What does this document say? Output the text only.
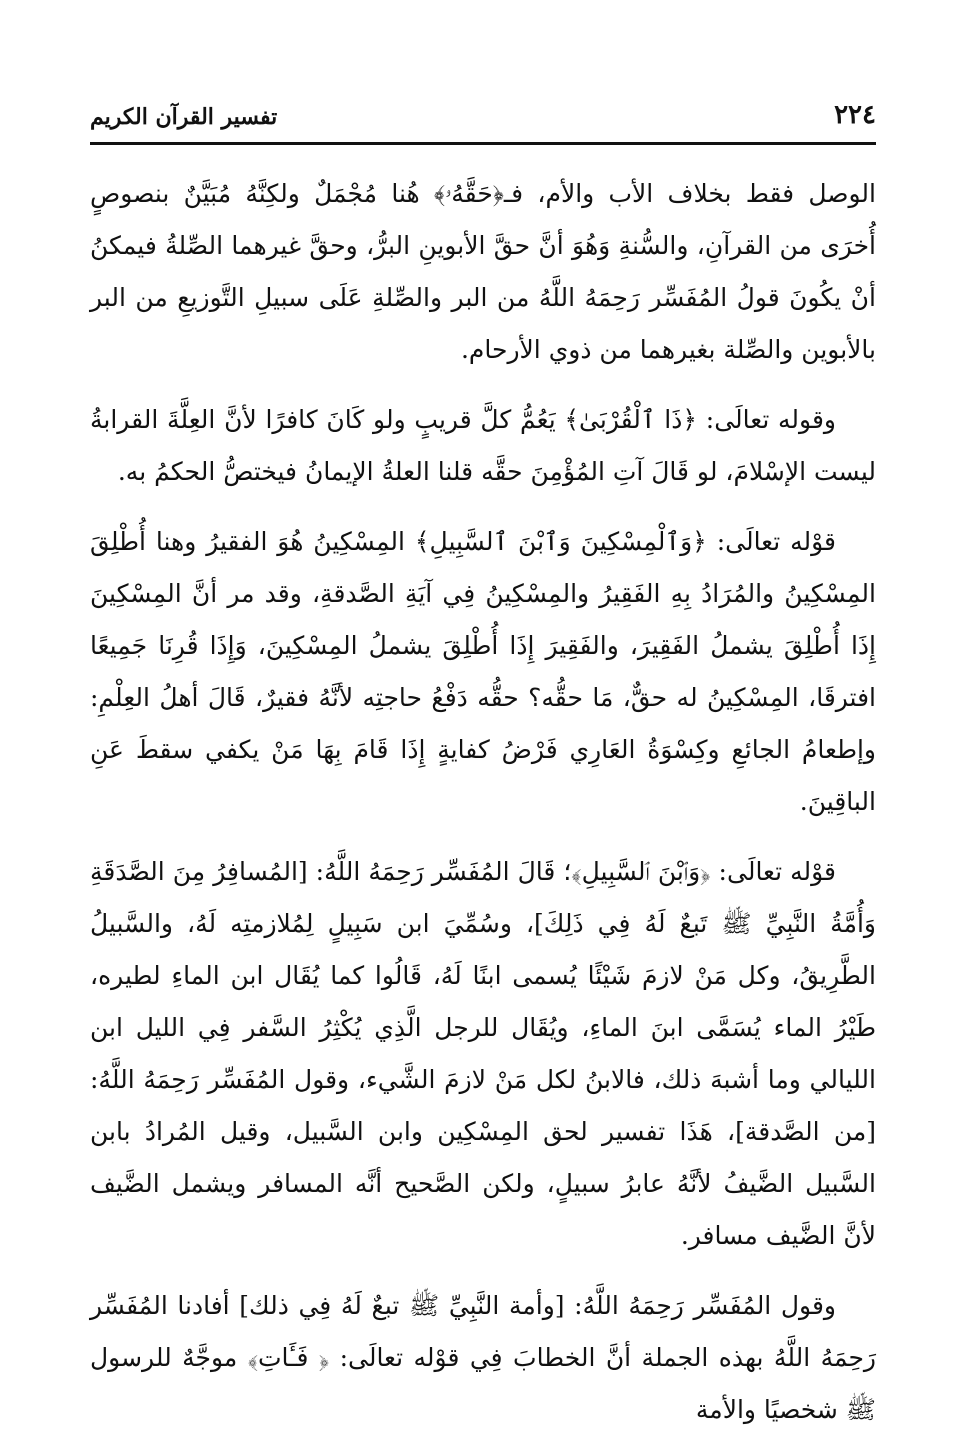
٢٢٤
تفسير القرآن الكريم

الوصل فقط بخلاف الأب والأم، فـ﴿حَقَّهُۥ﴾ هُنا مُجْمَلٌ ولكِنَّهُ مُبَيَّنٌ بنصوصٍ أُخرَى من القرآنِ، والسُّنةِ وَهُوَ أنَّ حقَّ الأبوينِ البرُّ، وحقَّ غيرهما الصِّلةُ فيمكنُ أنْ يكُونَ قولُ المُفَسِّر رَحِمَهُ اللَّهُ من البر والصِّلةِ عَلَى سبيلِ التَّوزيعِ من البر بالأبوين والصِّلة بغيرهما من ذوي الأرحام.

وقوله تعالَى: ﴿ذَا ٱلْقُرْبَىٰ﴾ يَعُمُّ كلَّ قريبٍ ولو كَانَ كافرًا لأنَّ العِلَّةَ القرابةُ ليست الإسْلامَ، لو قَالَ آتِ المُؤْمِنَ حقَّه قلنا العلةُ الإيمانُ فيختصُّ الحكمُ به.

قوْله تعالَى: ﴿وَٱلْمِسْكِينَ وَٱبْنَ ٱلسَّبِيلِ﴾ المِسْكِينُ هُوَ الفقيرُ وهنا أُطْلِقَ المِسْكِينُ والمُرَادُ بِهِ الفَقِيرُ والمِسْكِينُ فِي آيَةِ الصَّدقةِ، وقد مر أنَّ المِسْكِينَ إِذَا أُطْلِقَ يشملُ الفَقِيرَ، والفَقِيرَ إِذَا أُطْلِقَ يشملُ المِسْكِينَ، وَإِذَا قُرِنَا جَمِيعًا افترقَا، المِسْكِينُ له حقٌّ، مَا حقُّه؟ حقُّه دَفْعُ حاجتِه لأنَّهُ فقيرٌ، قَالَ أهلُ العِلْمِ: وإطعامُ الجائعِ وكِسْوَةُ العَارِي فَرْضُ كفايةٍ إِذَا قَامَ بِهَا مَنْ يكفي سقطَ عَنِ الباقِينَ.

قوْله تعالَى: ﴿وَٱبْنَ ٱلسَّبِيلِ﴾؛ قَالَ المُفَسِّر رَحِمَهُ اللَّهُ: [المُسافِرُ مِنَ الصَّدَقَةِ وَأُمَّةُ النَّبِيِّ ﷺ تَبعٌ لَهُ فِي ذَلِكَ]، وسُمِّيَ ابن سَبِيلٍ لِمُلازمتِه لَهُ، والسَّبيلُ الطَّرِيقُ، وكل مَنْ لازمَ شَيْئًا يُسمى ابنًا لَهُ، قَالُوا كما يُقَال ابن الماءِ لطيره، طَيْرُ الماء يُسَمَّى ابنَ الماءِ، ويُقَال للرجل الَّذِي يُكْثِرُ السَّفر فِي الليل ابن الليالي وما أشبهَ ذلك، فالابنُ لكل مَنْ لازمَ الشَّيء، وقول المُفَسِّر رَحِمَهُ اللَّهُ: [من الصَّدقة]، هَذَا تفسير لحق المِسْكِين وابن السَّبيل، وقيل المُرادُ بابن السَّبيل الضَّيفُ لأنَّهُ عابرُ سبيلٍ، ولكن الصَّحيح أنَّه المسافر ويشمل الضَّيف لأنَّ الضَّيف مسافر.

وقول المُفَسِّر رَحِمَهُ اللَّهُ: [وأمة النَّبِيِّ ﷺ تبعٌ لَهُ فِي ذلك] أفادنا المُفَسِّر رَحِمَهُ اللَّهُ بهذه الجملة أنَّ الخطابَ فِي قوْله تعالَى: ﴿ فَـَٔاتِ﴾ موجَّهٌ للرسول ﷺ شخصيًا والأمة
